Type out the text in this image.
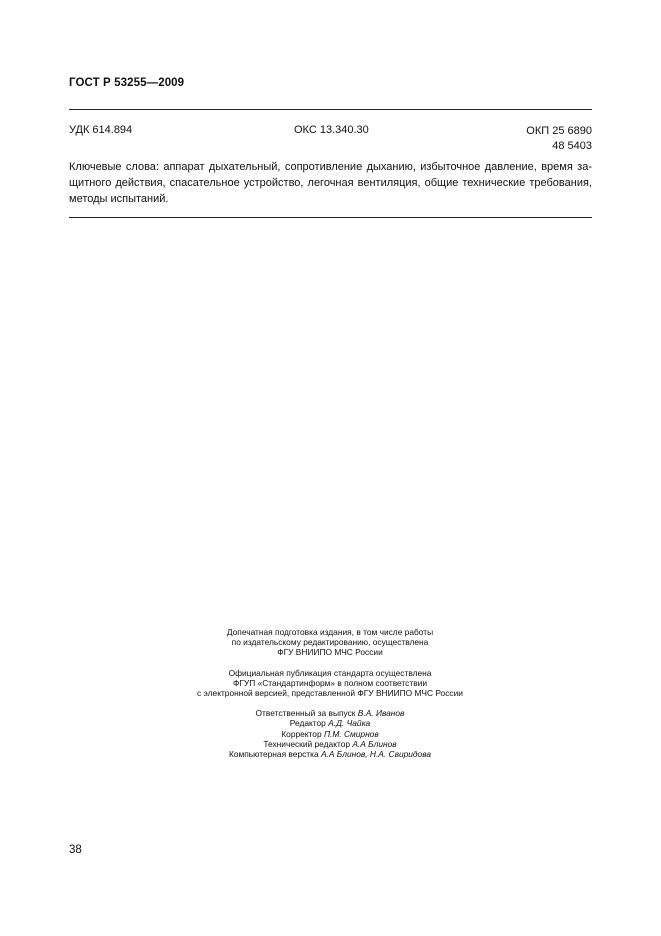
ГОСТ Р 53255—2009
УДК 614.894	ОКС 13.340.30	ОКП 25 6890
48 5403
Ключевые слова: аппарат дыхательный, сопротивление дыханию, избыточное давление, время за-
щитного действия, спасательное устройство, легочная вентиляция, общие технические требования,
методы испытаний.

Допечатная подготовка издания, в том числе работы
по издательскому редактированию, осуществлена
ФГУ ВНИИПО МЧС России

Официальная публикация стандарта осуществлена
ФГУП «Стандартинформ» в полном соответствии
с электронной версией, представленной ФГУ ВНИИПО МЧС России

Ответственный за выпуск В.А. Иванов
Редактор А.Д. Чайка
Корректор П.М. Смирнов
Технический редактор А.А Блинов
Компьютерная верстка А.А Блинов, Н.А. Свиридова

38
